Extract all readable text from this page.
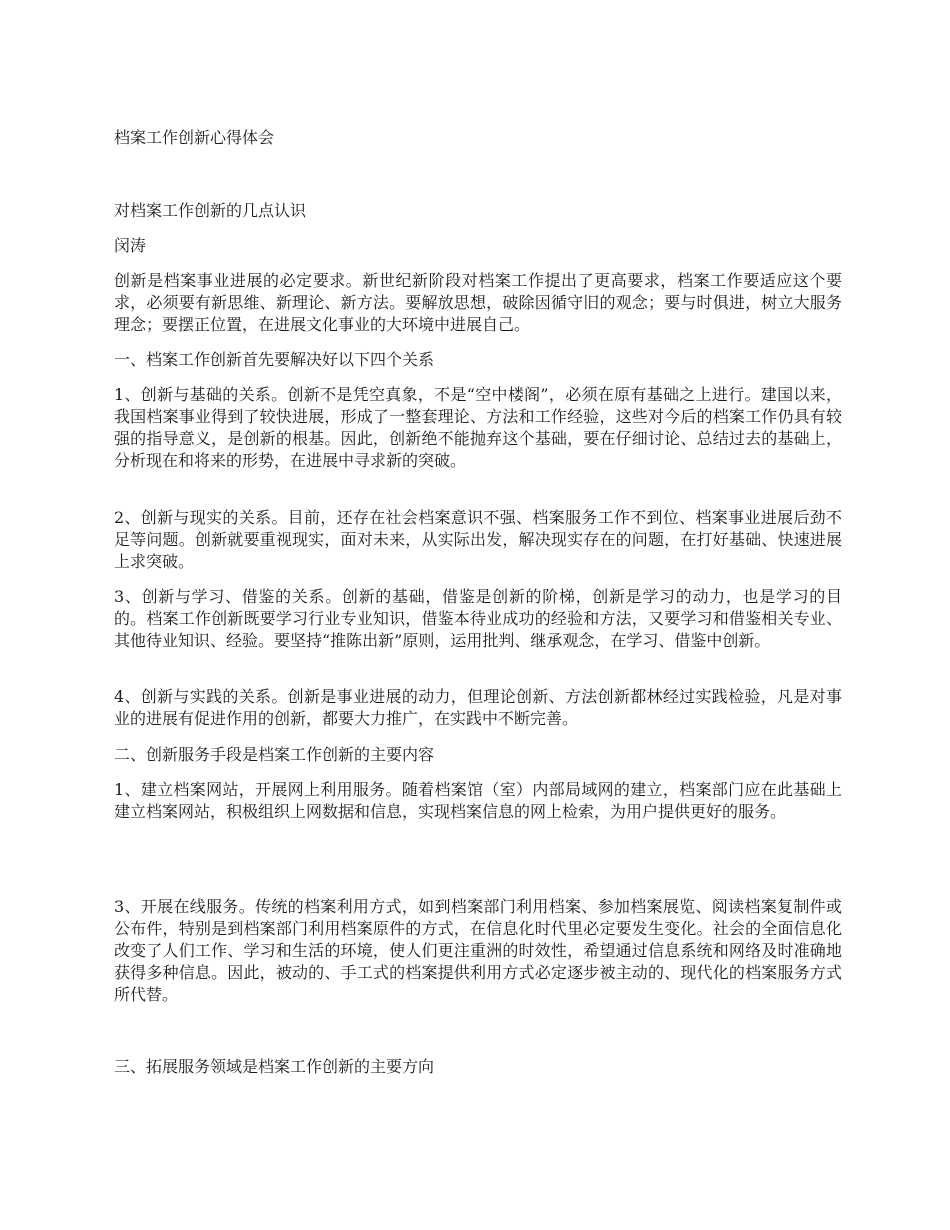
档案工作创新心得体会
对档案工作创新的几点认识
闵涛
创新是档案事业进展的必定要求。新世纪新阶段对档案工作提出了更高要求，档案工作要适应这个要求，必须要有新思维、新理论、新方法。要解放思想，破除因循守旧的观念；要与时俱进，树立大服务理念；要摆正位置，在进展文化事业的大环境中进展自己。
一、档案工作创新首先要解决好以下四个关系
1、创新与基础的关系。创新不是凭空真象，不是“空中楼阁”，必须在原有基础之上进行。建国以来，我国档案事业得到了较快进展，形成了一整套理论、方法和工作经验，这些对今后的档案工作仍具有较强的指导意义，是创新的根基。因此，创新绝不能抛弃这个基础，要在仔细讨论、总结过去的基础上，分析现在和将来的形势，在进展中寻求新的突破。
2、创新与现实的关系。目前，还存在社会档案意识不强、档案服务工作不到位、档案事业进展后劲不足等问题。创新就要重视现实，面对未来，从实际出发，解决现实存在的问题，在打好基础、快速进展上求突破。
3、创新与学习、借鉴的关系。创新的基础，借鉴是创新的阶梯，创新是学习的动力，也是学习的目的。档案工作创新既要学习行业专业知识，借鉴本待业成功的经验和方法，又要学习和借鉴相关专业、其他待业知识、经验。要坚持“推陈出新”原则，运用批判、继承观念，在学习、借鉴中创新。
4、创新与实践的关系。创新是事业进展的动力，但理论创新、方法创新都林经过实践检验，凡是对事业的进展有促进作用的创新，都要大力推广，在实践中不断完善。
二、创新服务手段是档案工作创新的主要内容
1、建立档案网站，开展网上利用服务。随着档案馆（室）内部局域网的建立，档案部门应在此基础上建立档案网站，积极组织上网数据和信息，实现档案信息的网上检索，为用户提供更好的服务。
3、开展在线服务。传统的档案利用方式，如到档案部门利用档案、参加档案展览、阅读档案复制件或公布件，特别是到档案部门利用档案原件的方式，在信息化时代里必定要发生变化。社会的全面信息化改变了人们工作、学习和生活的环境，使人们更注重洲的时效性，希望通过信息系统和网络及时准确地获得多种信息。因此，被动的、手工式的档案提供利用方式必定逐步被主动的、现代化的档案服务方式所代替。
三、拓展服务领域是档案工作创新的主要方向
